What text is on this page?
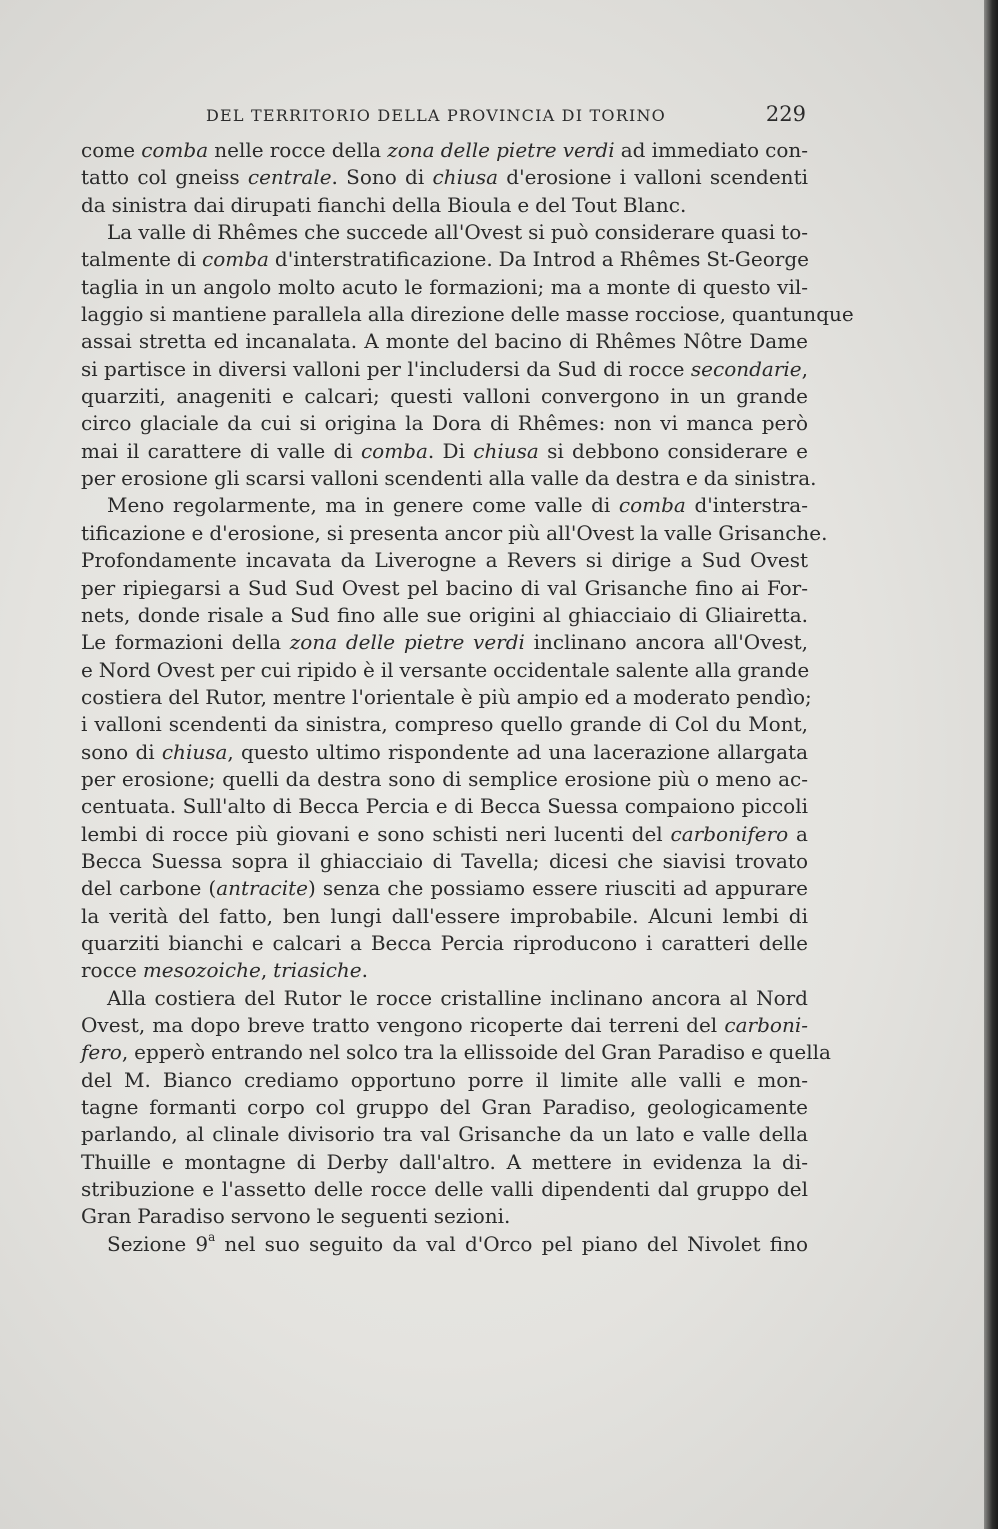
DEL TERRITORIO DELLA PROVINCIA DI TORINO	229
come comba nelle rocce della zona delle pietre verdi ad immediato con-
tatto col gneiss centrale. Sono di chiusa d'erosione i valloni scendenti
da sinistra dai dirupati fianchi della Bioula e del Tout Blanc.
La valle di Rhêmes che succede all'Ovest si può considerare quasi to-
talmente di comba d'interstratificazione. Da Introd a Rhêmes St-George
taglia in un angolo molto acuto le formazioni; ma a monte di questo vil-
laggio si mantiene parallela alla direzione delle masse rocciose, quantunque
assai stretta ed incanalata. A monte del bacino di Rhêmes Nôtre Dame
si partisce in diversi valloni per l'includersi da Sud di rocce secondarie,
quarziti, anageniti e calcari; questi valloni convergono in un grande
circo glaciale da cui si origina la Dora di Rhêmes: non vi manca però
mai il carattere di valle di comba. Di chiusa si debbono considerare e
per erosione gli scarsi valloni scendenti alla valle da destra e da sinistra.
Meno regolarmente, ma in genere come valle di comba d'interstra-
tificazione e d'erosione, si presenta ancor più all'Ovest la valle Grisanche.
Profondamente incavata da Liverogne a Revers si dirige a Sud Ovest
per ripiegarsi a Sud Sud Ovest pel bacino di val Grisanche fino ai For-
nets, donde risale a Sud fino alle sue origini al ghiacciaio di Gliairetta.
Le formazioni della zona delle pietre verdi inclinano ancora all'Ovest,
e Nord Ovest per cui ripido è il versante occidentale salente alla grande
costiera del Rutor, mentre l'orientale è più ampio ed a moderato pendìo;
i valloni scendenti da sinistra, compreso quello grande di Col du Mont,
sono di chiusa, questo ultimo rispondente ad una lacerazione allargata
per erosione; quelli da destra sono di semplice erosione più o meno ac-
centuata. Sull'alto di Becca Percia e di Becca Suessa compaiono piccoli
lembi di rocce più giovani e sono schisti neri lucenti del carbonifero a
Becca Suessa sopra il ghiacciaio di Tavella; dicesi che siavisi trovato
del carbone (antracite) senza che possiamo essere riusciti ad appurare
la verità del fatto, ben lungi dall'essere improbabile. Alcuni lembi di
quarziti bianchi e calcari a Becca Percia riproducono i caratteri delle
rocce mesozoiche, triasiche.
Alla costiera del Rutor le rocce cristalline inclinano ancora al Nord
Ovest, ma dopo breve tratto vengono ricoperte dai terreni del carboni-
fero, epperò entrando nel solco tra la ellissoide del Gran Paradiso e quella
del M. Bianco crediamo opportuno porre il limite alle valli e mon-
tagne formanti corpo col gruppo del Gran Paradiso, geologicamente
parlando, al clinale divisorio tra val Grisanche da un lato e valle della
Thuille e montagne di Derby dall'altro. A mettere in evidenza la di-
stribuzione e l'assetto delle rocce delle valli dipendenti dal gruppo del
Gran Paradiso servono le seguenti sezioni.
Sezione 9$^a$ nel suo seguito da val d'Orco pel piano del Nivolet fino
